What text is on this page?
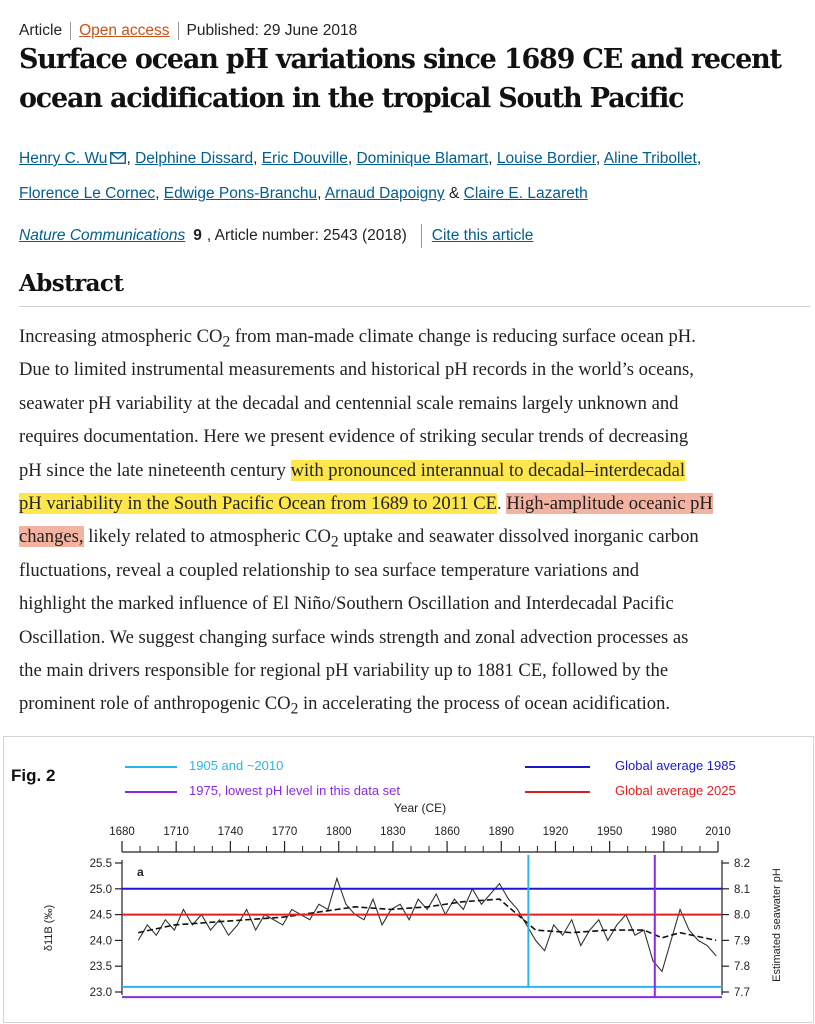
Article Open access Published: 29 June 2018
Surface ocean pH variations since 1689 CE and recent
ocean acidification in the tropical South Pacific
Henry C. Wu , Delphine Dissard, Eric Douville, Dominique Blamart, Louise Bordier, Aline Tribollet,
Florence Le Cornec, Edwige Pons-Branchu, Arnaud Dapoigny & Claire E. Lazareth
Nature Communications 9 , Article number: 2543 (2018) Cite this article
Abstract
Increasing atmospheric $CO_2$ from man-made climate change is reducing surface ocean pH.
Due to limited instrumental measurements and historical pH records in the world’s oceans,
seawater pH variability at the decadal and centennial scale remains largely unknown and
requires documentation. Here we present evidence of striking secular trends of decreasing
pH since the late nineteenth century with pronounced interannual to decadal–interdecadal
pH variability in the South Pacific Ocean from 1689 to 2011 CE. High-amplitude oceanic pH
changes, likely related to atmospheric $CO_2$ uptake and seawater dissolved inorganic carbon
fluctuations, reveal a coupled relationship to sea surface temperature variations and
highlight the marked influence of El Niño/Southern Oscillation and Interdecadal Pacific
Oscillation. We suggest changing surface winds strength and zonal advection processes as
the main drivers responsible for regional pH variability up to 1881 CE, followed by the
prominent role of anthropogenic $CO_2$ in accelerating the process of ocean acidification.
Fig. 2
1905 and ~2010
1975, lowest pH level in this data set
Global average 1985
Global average 2025
Year (CE)
1680 1710 1740 1770 1800 1830 1860 1890 1920 1950 1980 2010
25.5
25.0
24.5
24.0
23.5
23.0
δ11B (‰)
8.2
8.1
8.0
7.9
7.8
7.7
Estimated seawater pH
a
